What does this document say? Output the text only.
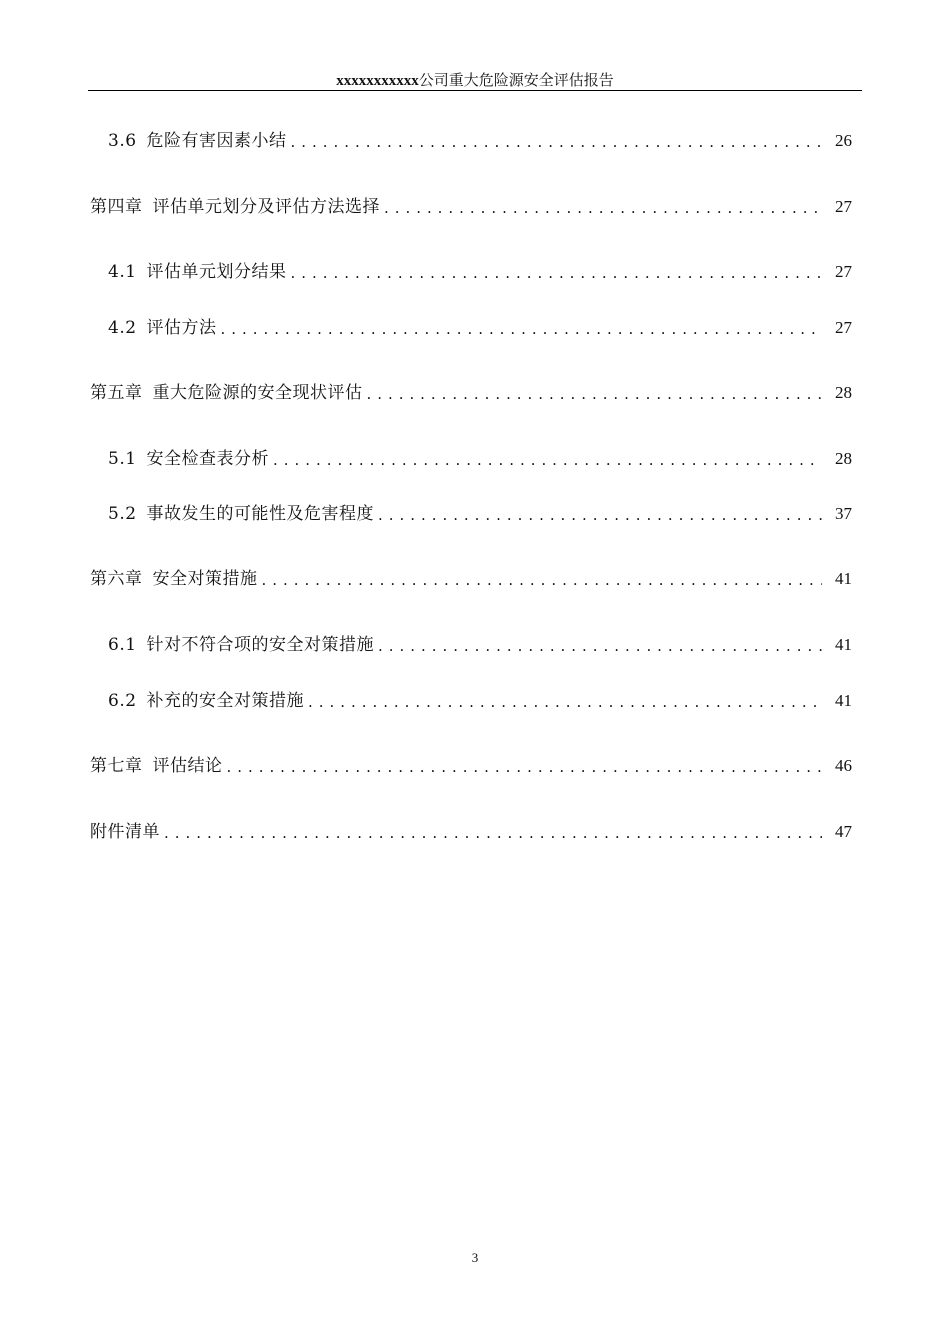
xxxxxxxxxxx公司重大危险源安全评估报告
3.6 危险有害因素小结 . . .	26
第四章 评估单元划分及评估方法选择 . . .	27
4.1 评估单元划分结果 . . .	27
4.2 评估方法 . . .	27
第五章 重大危险源的安全现状评估 . . .	28
5.1 安全检查表分析 . . .	28
5.2 事故发生的可能性及危害程度 . . .	37
第六章 安全对策措施 . . .	41
6.1 针对不符合项的安全对策措施 . . .	41
6.2 补充的安全对策措施 . . .	41
第七章 评估结论 . . .	46
附件清单 . . .	47
3
